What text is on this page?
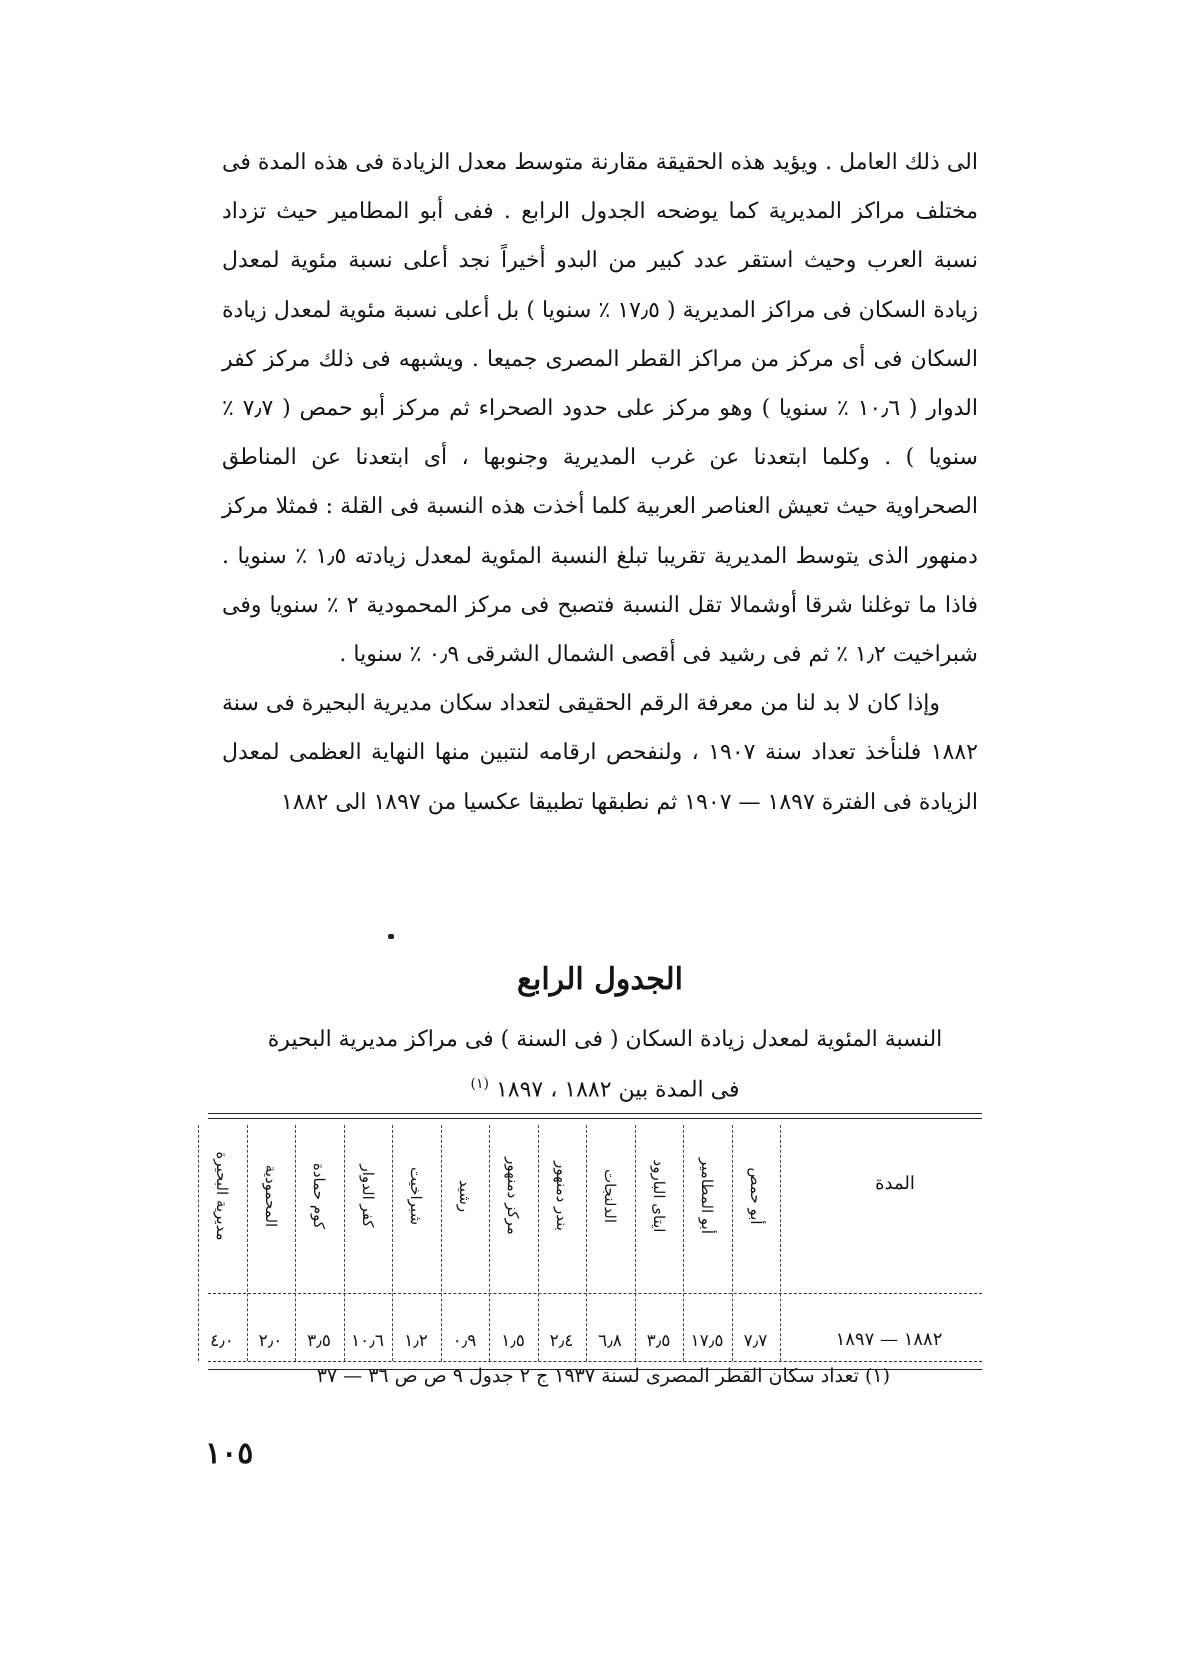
الى ذلك العامل . ويؤيد هذه الحقيقة مقارنة متوسط معدل الزيادة فى هذه المدة فى مختلف مراكز المديرية كما يوضحه الجدول الرابع . ففى أبو المطامير حيث تزداد نسبة العرب وحيث استقر عدد كبير من البدو أخيراً نجد أعلى نسبة مئوية لمعدل زيادة السكان فى مراكز المديرية ( ١٧٫٥ ٪ سنويا ) بل أعلى نسبة مئوية لمعدل زيادة السكان فى أى مركز من مراكز القطر المصرى جميعا . ويشبهه فى ذلك مركز كفر الدوار ( ١٠٫٦ ٪ سنويا ) وهو مركز على حدود الصحراء ثم مركز أبو حمص ( ٧٫٧ ٪ سنويا ) . وكلما ابتعدنا عن غرب المديرية وجنوبها ، أى ابتعدنا عن المناطق الصحراوية حيث تعيش العناصر العربية كلما أخذت هذه النسبة فى القلة : فمثلا مركز دمنهور الذى يتوسط المديرية تقريبا تبلغ النسبة المئوية لمعدل زيادته ١٫٥ ٪ سنويا . فاذا ما توغلنا شرقا أوشمالا تقل النسبة فتصبح فى مركز المحمودية ٢ ٪ سنويا وفى شبراخيت ١٫٢ ٪ ثم فى رشيد فى أقصى الشمال الشرقى ٠٫٩ ٪ سنويا .

وإذا كان لا بد لنا من معرفة الرقم الحقيقى لتعداد سكان مديرية البحيرة فى سنة ١٨٨٢ فلنأخذ تعداد سنة ١٩٠٧ ، ولنفحص ارقامه لنتبين منها النهاية العظمى لمعدل الزيادة فى الفترة ١٨٩٧ — ١٩٠٧ ثم نطبقها تطبيقا عكسيا من ١٨٩٧ الى ١٨٨٢

الجدول الرابع
النسبة المئوية لمعدل زيادة السكان ( فى السنة ) فى مراكز مديرية البحيرة
فى المدة بين ١٨٨٢ ، ١٨٩٧ $^{(١)}$
المدة
١٨٨٢ — ١٨٩٧
أبو حمص
أبو المطامير
ايتاى البارود
الدلنجات
بندر دمنهور
مركز دمنهور
رشيد
شبراخيت
كفر الدوار
كوم حمادة
المحمودية
مديرية البحيرة
٧٫٧
١٧٫٥
٣٫٥
٦٫٨
٢٫٤
١٫٥
٠٫٩
١٫٢
١٠٫٦
٣٫٥
٢٫٠
٤٫٠
(١) تعداد سكان القطر المصرى لسنة ١٩٣٧ ج ٢ جدول ٩ ص ص ٣٦ — ٣٧
١٠٥
